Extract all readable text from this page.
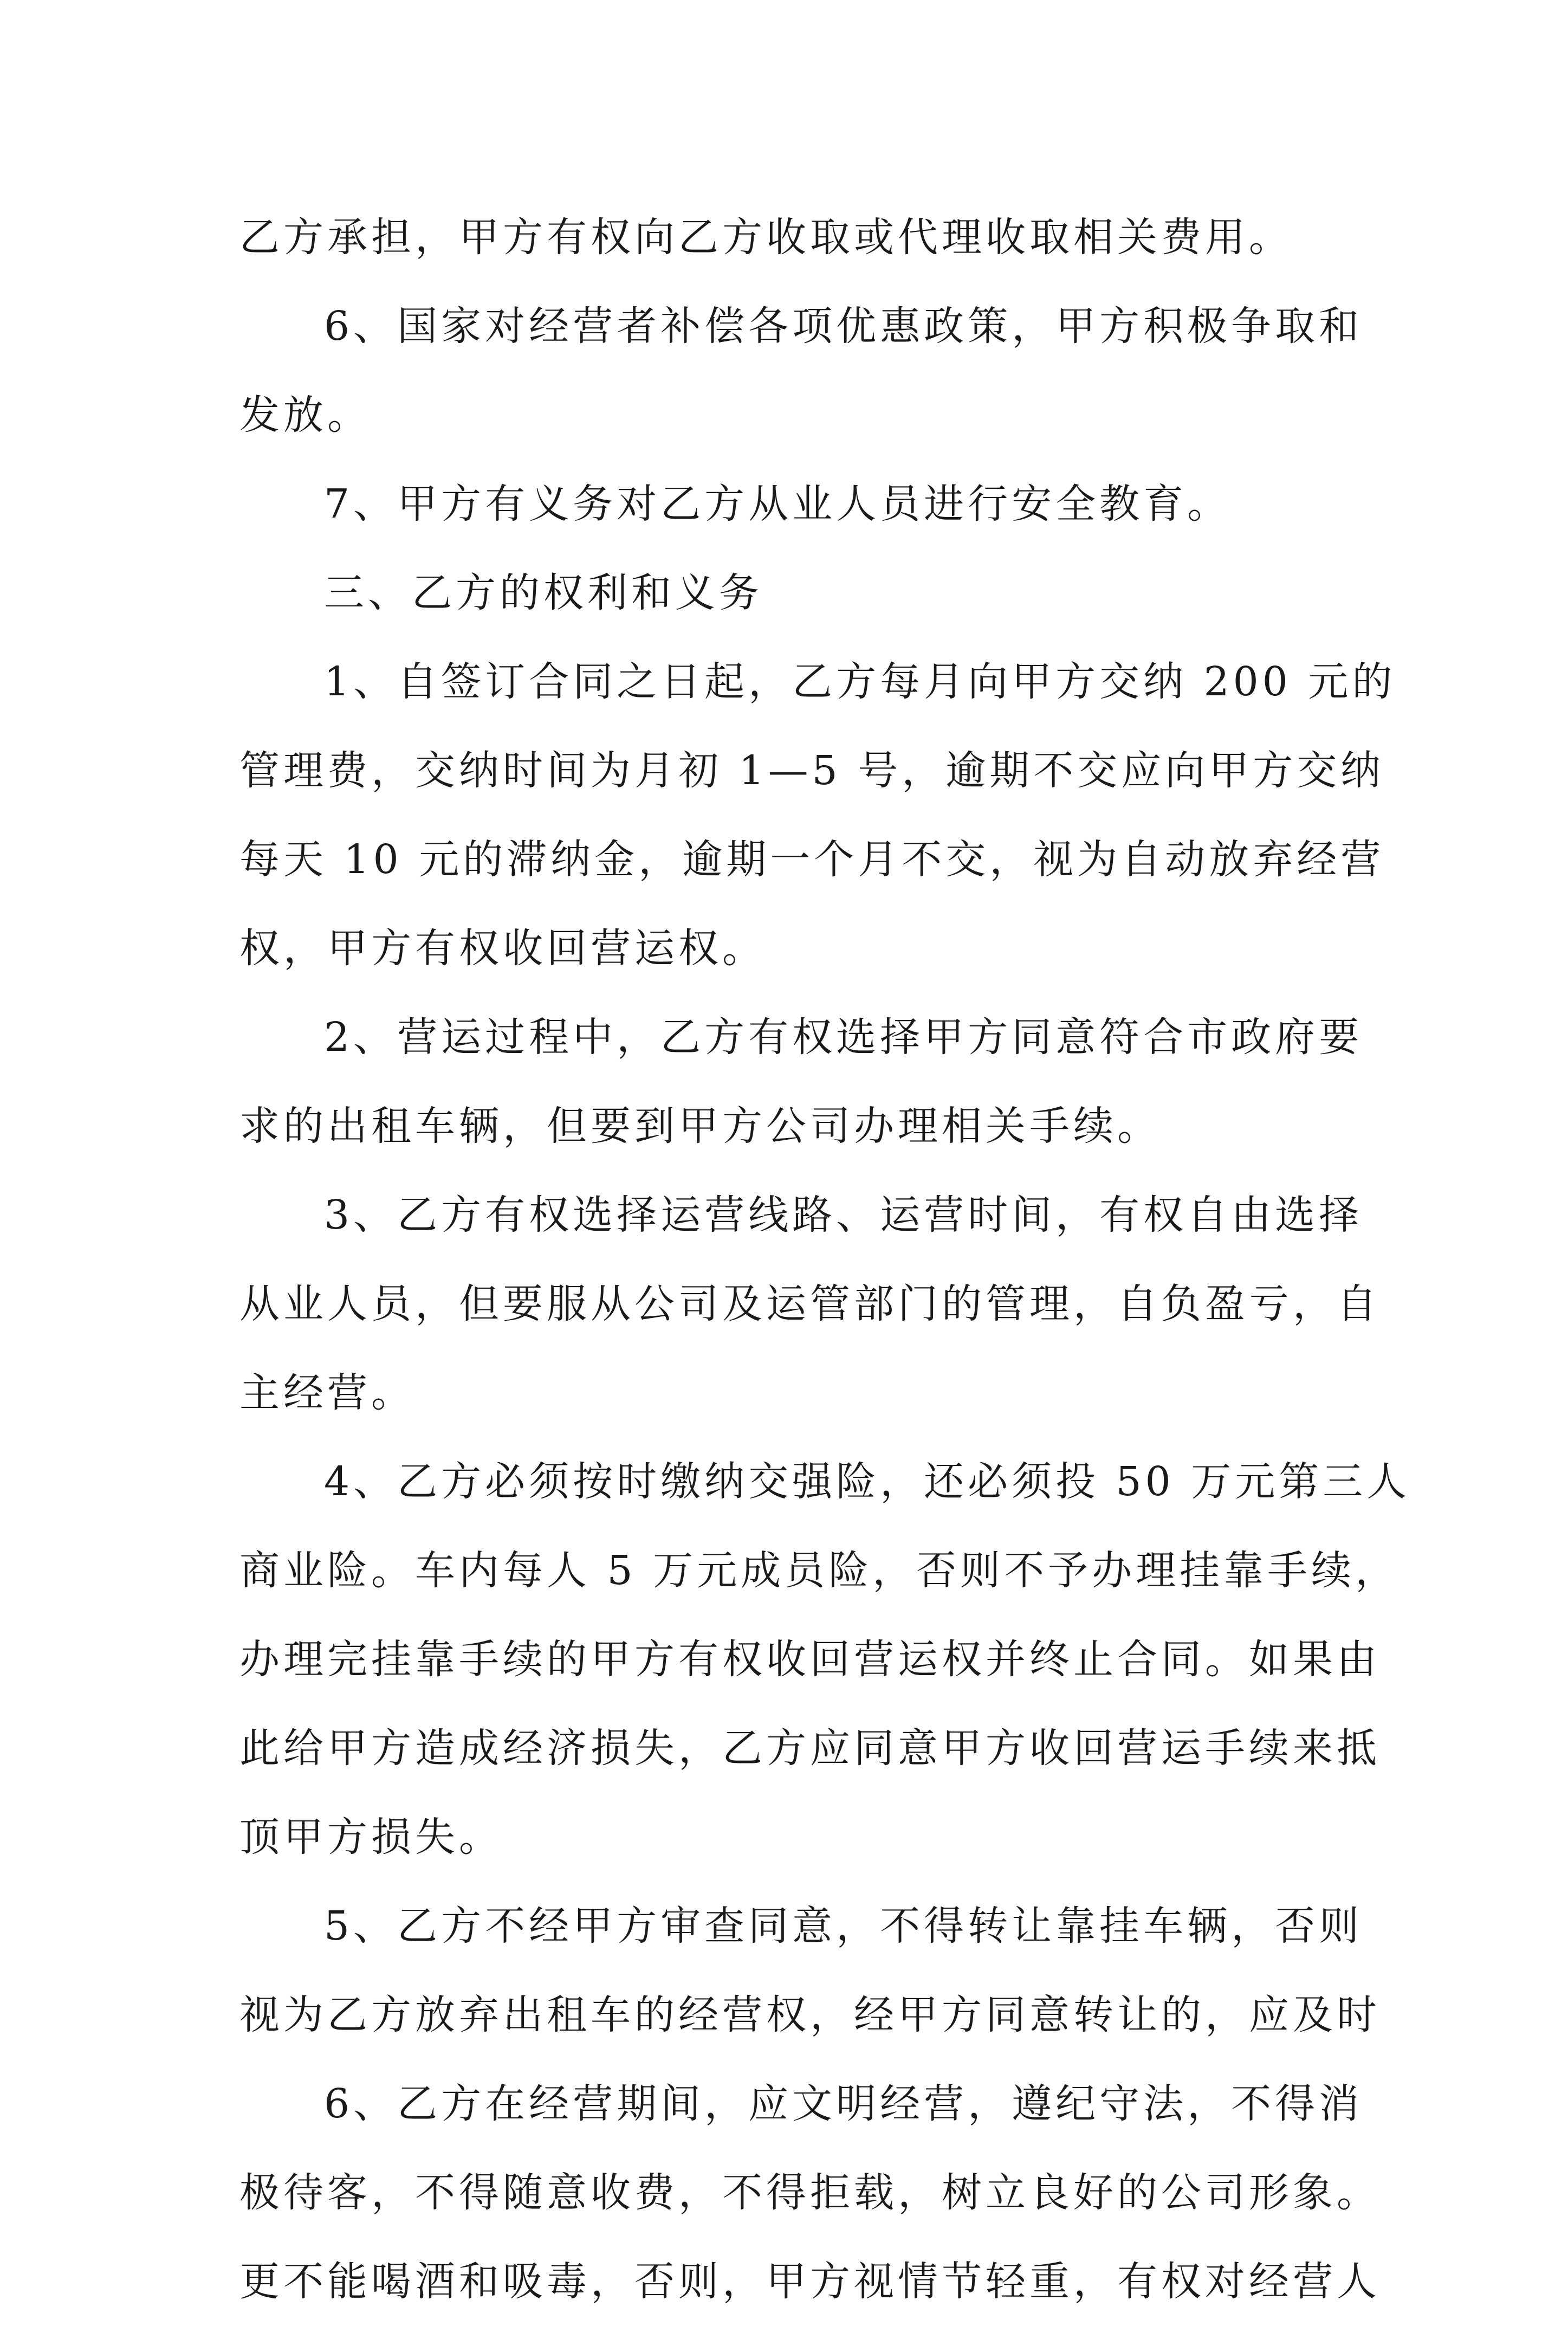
乙方承担，甲方有权向乙方收取或代理收取相关费用。
6、国家对经营者补偿各项优惠政策，甲方积极争取和
发放。
7、甲方有义务对乙方从业人员进行安全教育。
三、乙方的权利和义务
1、自签订合同之日起，乙方每月向甲方交纳 200 元的
管理费，交纳时间为月初 1—5 号，逾期不交应向甲方交纳
每天 10 元的滞纳金，逾期一个月不交，视为自动放弃经营
权，甲方有权收回营运权。
2、营运过程中，乙方有权选择甲方同意符合市政府要
求的出租车辆，但要到甲方公司办理相关手续。
3、乙方有权选择运营线路、运营时间，有权自由选择
从业人员，但要服从公司及运管部门的管理，自负盈亏，自
主经营。
4、乙方必须按时缴纳交强险，还必须投 50 万元第三人
商业险。车内每人 5 万元成员险，否则不予办理挂靠手续，
办理完挂靠手续的甲方有权收回营运权并终止合同。如果由
此给甲方造成经济损失，乙方应同意甲方收回营运手续来抵
顶甲方损失。
5、乙方不经甲方审查同意，不得转让靠挂车辆，否则
视为乙方放弃出租车的经营权，经甲方同意转让的，应及时
6、乙方在经营期间，应文明经营，遵纪守法，不得消
极待客，不得随意收费，不得拒载，树立良好的公司形象。
更不能喝酒和吸毒，否则，甲方视情节轻重，有权对经营人
